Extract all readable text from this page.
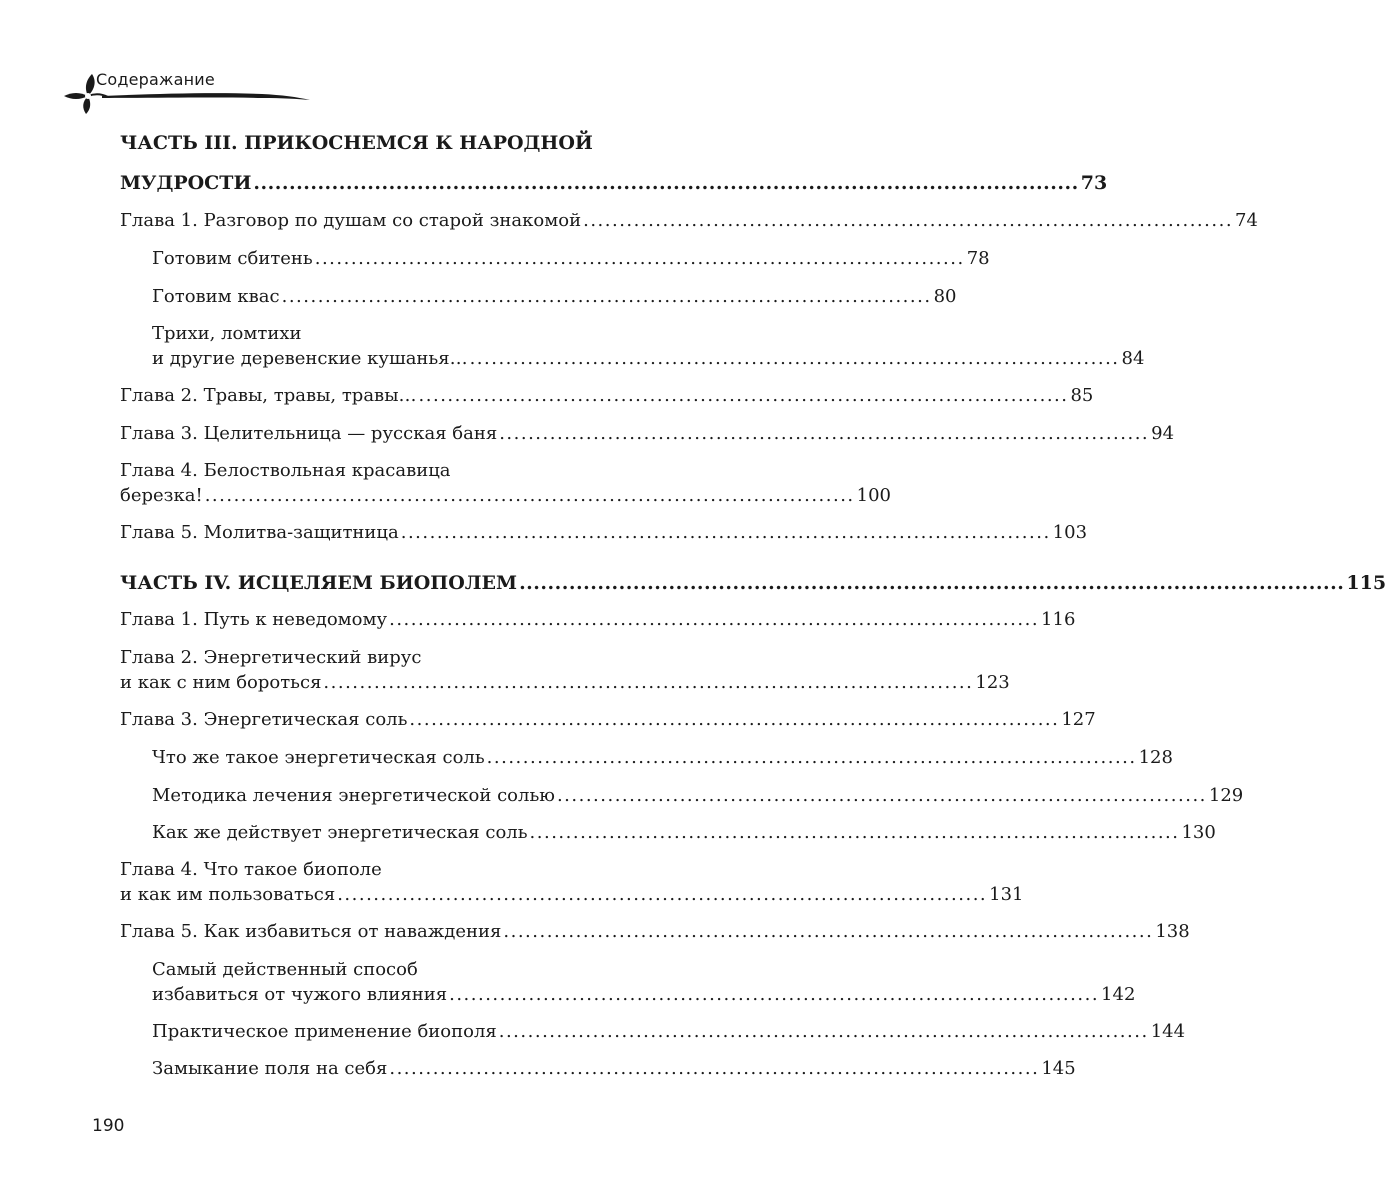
Содеражание
ЧАСТЬ III. ПРИКОСНЕМСЯ К НАРОДНОЙ
МУДРОСТИ .................................................................................................................... 73
Глава 1. Разговор по душам со старой знакомой .......................................................................................... 74
Готовим сбитень .......................................................................................... 78
Готовим квас .......................................................................................... 80
Трихи, ломтихи
и другие деревенские кушанья… .......................................................................................... 84
Глава 2. Травы, травы, травы… .......................................................................................... 85
Глава 3. Целительница — русская баня .......................................................................................... 94
Глава 4. Белоствольная красавица
березка! .......................................................................................... 100
Глава 5. Молитва-защитница .......................................................................................... 103
ЧАСТЬ IV. ИСЦЕЛЯЕМ БИОПОЛЕМ .................................................................................................................... 115
Глава 1. Путь к неведомому .......................................................................................... 116
Глава 2. Энергетический вирус
и как с ним бороться .......................................................................................... 123
Глава 3. Энергетическая соль .......................................................................................... 127
Что же такое энергетическая соль .......................................................................................... 128
Методика лечения энергетической солью .......................................................................................... 129
Как же действует энергетическая соль .......................................................................................... 130
Глава 4. Что такое биополе
и как им пользоваться .......................................................................................... 131
Глава 5. Как избавиться от наваждения .......................................................................................... 138
Самый действенный способ
избавиться от чужого влияния .......................................................................................... 142
Практическое применение биополя .......................................................................................... 144
Замыкание поля на себя .......................................................................................... 145
190
